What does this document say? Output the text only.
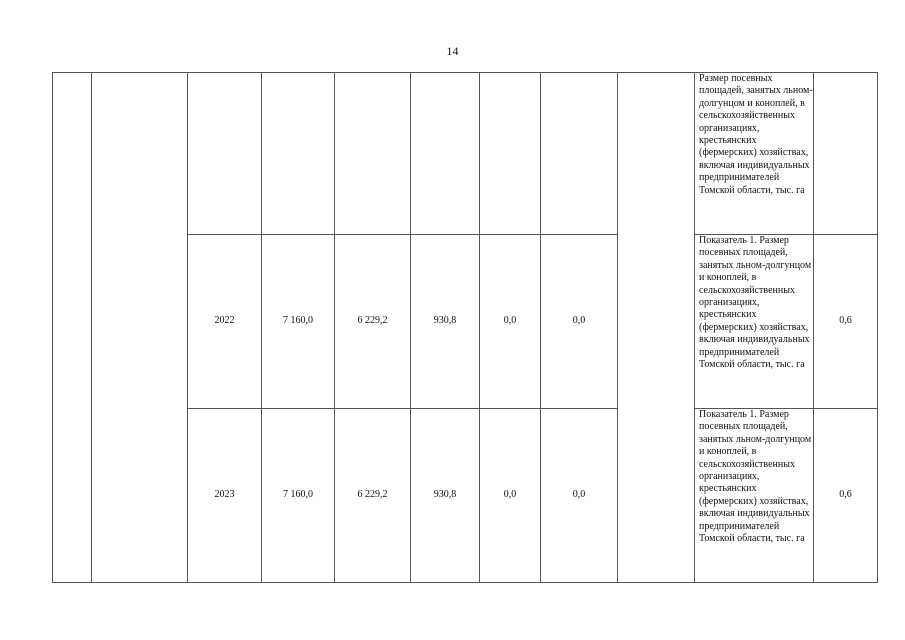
14
									Размер посевных площадей, занятых льном-долгунцом и коноплей, в сельскохозяйственных организациях, крестьянских (фермерских) хозяйствах, включая индивидуальных предпринимателей Томской области, тыс. га	
		2022	7 160,0	6 229,2	930,8	0,0	0,0		Показатель 1. Размер посевных площадей, занятых льном-долгунцом и коноплей, в сельскохозяйственных организациях, крестьянских (фермерских) хозяйствах, включая индивидуальных предпринимателей Томской области, тыс. га	0,6
		2023	7 160,0	6 229,2	930,8	0,0	0,0		Показатель 1. Размер посевных площадей, занятых льном-долгунцом и коноплей, в сельскохозяйственных организациях, крестьянских (фермерских) хозяйствах, включая индивидуальных предпринимателей Томской области, тыс. га	0,6
